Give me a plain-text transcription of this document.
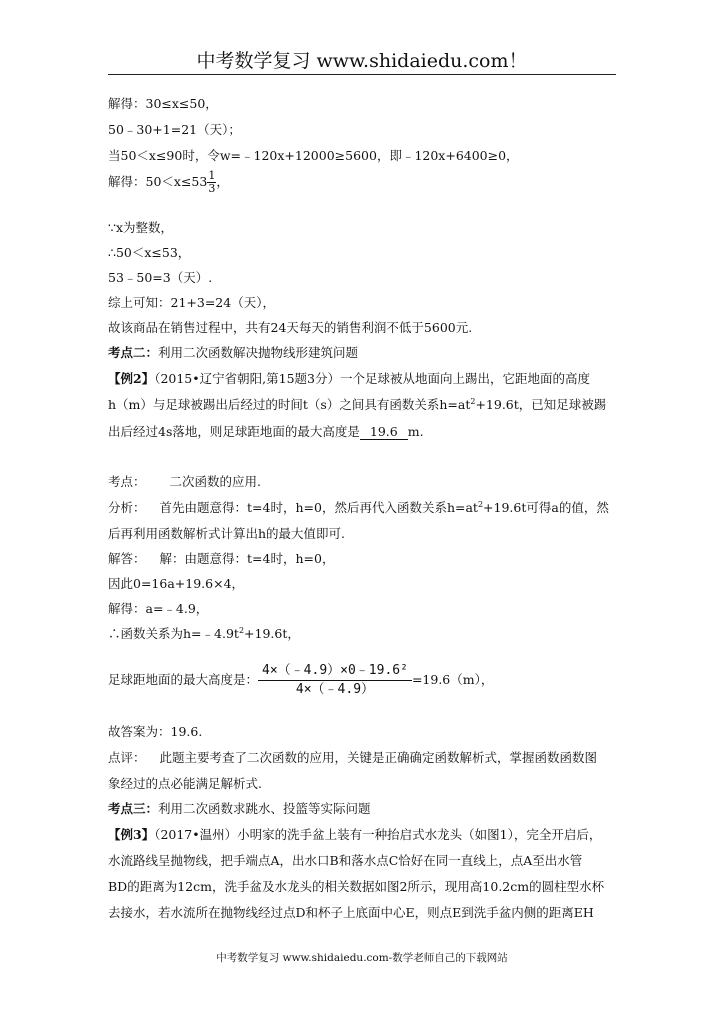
中考数学复习 www.shidaiedu.com！
解得：30≤x≤50，
50﹣30+1=21（天）；
当50＜x≤90时，令w=﹣120x+12000≥5600，即﹣120x+6400≥0，
解得：$50<x\le 53 \frac{1}{3}$ ，
∵x为整数，
∴50＜x≤53，
53﹣50=3（天）.
综上可知：21+3=24（天），
故该商品在销售过程中，共有24天每天的销售利润不低于5600元.
考点二：利用二次函数解决抛物线形建筑问题
【例2】（2015•辽宁省朝阳,第15题3分）一个足球被从地面向上踢出，它距地面的高度
h（m）与足球被踢出后经过的时间t（s）之间具有函数关系$h=at^2+19.6t$，已知足球被踢
出后经过4s落地，则足球距地面的最大高度是 19.6 m.
考点： 二次函数的应用.
分析： 首先由题意得：t=4时，h=0，然后再代入函数关系$h=at^2+19.6t$可得a的值，然
后再利用函数解析式计算出h的最大值即可.
解答： 解：由题意得：t=4时，h=0，
因此0=16a+19.6×4，
解得：a=﹣4.9，
∴函数关系为$h=﹣4.9t^2+19.6t$，
足球距地面的最大高度是： $\frac{\text{4×（﹣4.9）×0﹣19.6²}}{4\times(﹣4.9)} =19.6(m)$，
故答案为：19.6.
点评： 此题主要考查了二次函数的应用，关键是正确确定函数解析式，掌握函数函数图
象经过的点必能满足解析式.
考点三：利用二次函数求跳水、投篮等实际问题
【例3】（2017•温州）小明家的洗手盆上装有一种抬启式水龙头（如图1），完全开启后，
水流路线呈抛物线，把手端点A，出水口B和落水点C恰好在同一直线上，点A至出水管
BD的距离为12cm，洗手盆及水龙头的相关数据如图2所示，现用高10.2cm的圆柱型水杯
去接水，若水流所在抛物线经过点D和杯子上底面中心E，则点E到洗手盆内侧的距离EH
中考数学复习 www.shidaiedu.com-数学老师自己的下载网站
